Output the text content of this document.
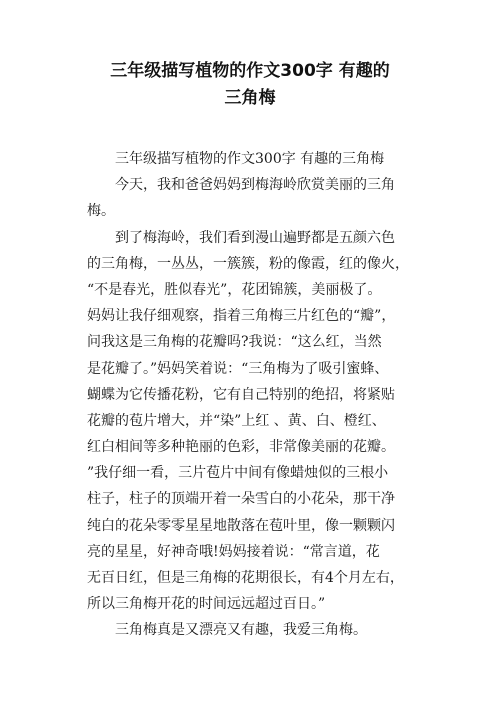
三年级描写植物的作文300字 有趣的
三角梅
三年级描写植物的作文300字 有趣的三角梅
今天，我和爸爸妈妈到梅海岭欣赏美丽的三角
梅。
到了梅海岭，我们看到漫山遍野都是五颜六色
的三角梅，一丛丛，一簇簇，粉的像霞，红的像火，
“不是春光，胜似春光”，花团锦簇，美丽极了。
妈妈让我仔细观察，指着三角梅三片红色的“瓣”，
问我这是三角梅的花瓣吗?我说：“这么红，当然
是花瓣了。”妈妈笑着说：“三角梅为了吸引蜜蜂、
蝴蝶为它传播花粉，它有自己特别的绝招，将紧贴
花瓣的苞片增大，并“染”上红 、黄、白、橙红、
红白相间等多种艳丽的色彩，非常像美丽的花瓣。
”我仔细一看，三片苞片中间有像蜡烛似的三根小
柱子，柱子的顶端开着一朵雪白的小花朵，那干净
纯白的花朵零零星星地散落在苞叶里，像一颗颗闪
亮的星星，好神奇哦!妈妈接着说：“常言道，花
无百日红，但是三角梅的花期很长，有4个月左右，
所以三角梅开花的时间远远超过百日。”
三角梅真是又漂亮又有趣，我爱三角梅。
